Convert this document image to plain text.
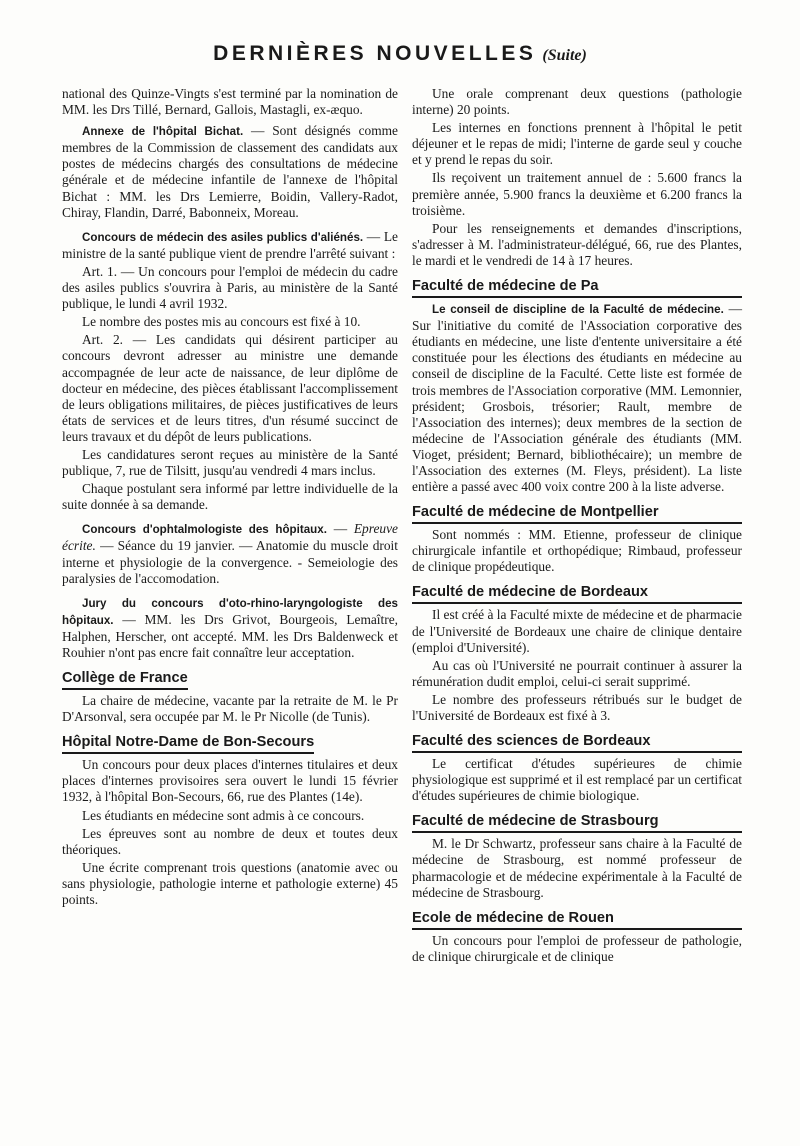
DERNIÈRES NOUVELLES (Suite)

national des Quinze-Vingts s'est terminé par la nomination de MM. les Drs Tillé, Bernard, Gallois, Mastagli, ex-æquo.

Annexe de l'hôpital Bichat. — Sont désignés comme membres de la Commission de classement des candidats aux postes de médecins chargés des consultations de médecine générale et de médecine infantile de l'annexe de l'hôpital Bichat : MM. les Drs Lemierre, Boidin, Vallery-Radot, Chiray, Flandin, Darré, Babonneix, Moreau.

Concours de médecin des asiles publics d'aliénés. — Le ministre de la santé publique vient de prendre l'arrêté suivant :

Art. 1. — Un concours pour l'emploi de médecin du cadre des asiles publics s'ouvrira à Paris, au ministère de la Santé publique, le lundi 4 avril 1932.

Le nombre des postes mis au concours est fixé à 10.

Art. 2. — Les candidats qui désirent participer au concours devront adresser au ministre une demande accompagnée de leur acte de naissance, de leur diplôme de docteur en médecine, des pièces établissant l'accomplissement de leurs obligations militaires, de pièces justificatives de leurs états de services et de leurs titres, d'un résumé succinct de leurs travaux et du dépôt de leurs publications.

Les candidatures seront reçues au ministère de la Santé publique, 7, rue de Tilsitt, jusqu'au vendredi 4 mars inclus.

Chaque postulant sera informé par lettre individuelle de la suite donnée à sa demande.

Concours d'ophtalmologiste des hôpitaux. — Epreuve écrite. — Séance du 19 janvier. — Anatomie du muscle droit interne et physiologie de la convergence. - Semeiologie des paralysies de l'accomodation.

Jury du concours d'oto-rhino-laryngologiste des hôpitaux. — MM. les Drs Grivot, Bourgeois, Lemaître, Halphen, Herscher, ont accepté. MM. les Drs Baldenweck et Rouhier n'ont pas encre fait connaître leur acceptation.

Collège de France

La chaire de médecine, vacante par la retraite de M. le Pr D'Arsonval, sera occupée par M. le Pr Nicolle (de Tunis).

Hôpital Notre-Dame de Bon-Secours

Un concours pour deux places d'internes titulaires et deux places d'internes provisoires sera ouvert le lundi 15 février 1932, à l'hôpital Bon-Secours, 66, rue des Plantes (14e).

Les étudiants en médecine sont admis à ce concours.

Les épreuves sont au nombre de deux et toutes deux théoriques.

Une écrite comprenant trois questions (anatomie avec ou sans physiologie, pathologie interne et pathologie externe) 45 points.

Une orale comprenant deux questions (pathologie interne) 20 points.

Les internes en fonctions prennent à l'hôpital le petit déjeuner et le repas de midi; l'interne de garde seul y couche et y prend le repas du soir.

Ils reçoivent un traitement annuel de : 5.600 francs la première année, 5.900 francs la deuxième et 6.200 francs la troisième.

Pour les renseignements et demandes d'inscriptions, s'adresser à M. l'administrateur-délégué, 66, rue des Plantes, le mardi et le vendredi de 14 à 17 heures.

Faculté de médecine de Pa

Le conseil de discipline de la Faculté de médecine. — Sur l'initiative du comité de l'Association corporative des étudiants en médecine, une liste d'entente universitaire a été constituée pour les élections des étudiants en médecine au conseil de discipline de la Faculté. Cette liste est formée de trois membres de l'Association corporative (MM. Lemonnier, président; Grosbois, trésorier; Rault, membre de l'Association des internes); deux membres de la section de médecine de l'Association générale des étudiants (MM. Vioget, président; Bernard, bibliothécaire); un membre de l'Association des externes (M. Fleys, président). La liste entière a passé avec 400 voix contre 200 à la liste adverse.

Faculté de médecine de Montpellier

Sont nommés : MM. Etienne, professeur de clinique chirurgicale infantile et orthopédique; Rimbaud, professeur de clinique propédeutique.

Faculté de médecine de Bordeaux

Il est créé à la Faculté mixte de médecine et de pharmacie de l'Université de Bordeaux une chaire de clinique dentaire (emploi d'Université).

Au cas où l'Université ne pourrait continuer à assurer la rémunération dudit emploi, celui-ci serait supprimé.

Le nombre des professeurs rétribués sur le budget de l'Université de Bordeaux est fixé à 3.

Faculté des sciences de Bordeaux

Le certificat d'études supérieures de chimie physiologique est supprimé et il est remplacé par un certificat d'études supérieures de chimie biologique.

Faculté de médecine de Strasbourg

M. le Dr Schwartz, professeur sans chaire à la Faculté de médecine de Strasbourg, est nommé professeur de pharmacologie et de médecine expérimentale à la Faculté de médecine de Strasbourg.

Ecole de médecine de Rouen

Un concours pour l'emploi de professeur de pathologie, de clinique chirurgicale et de clinique
